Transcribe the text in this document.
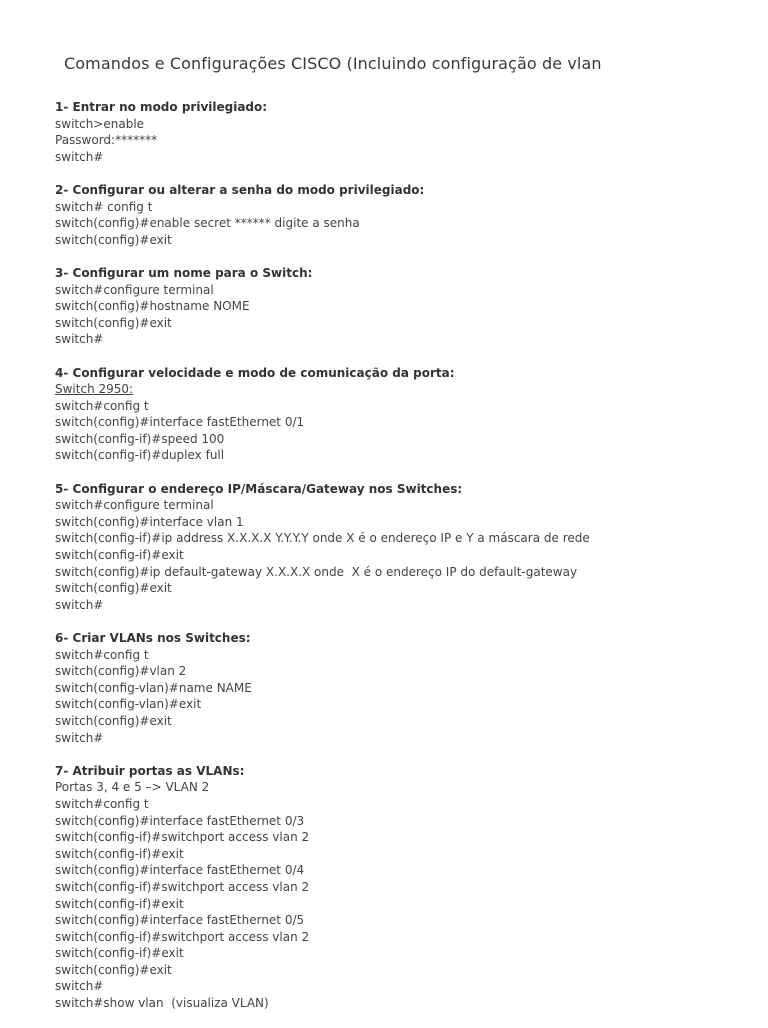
Comandos e Configurações CISCO (Incluindo configuração de vlan
1- Entrar no modo privilegiado:
switch>enable
Password:*******
switch#
2- Configurar ou alterar a senha do modo privilegiado:
switch# config t
switch(config)#enable secret ****** digite a senha
switch(config)#exit
3- Configurar um nome para o Switch:
switch#configure terminal
switch(config)#hostname NOME
switch(config)#exit
switch#
4- Configurar velocidade e modo de comunicação da porta:
Switch 2950:
switch#config t
switch(config)#interface fastEthernet 0/1
switch(config-if)#speed 100
switch(config-if)#duplex full
5- Configurar o endereço IP/Máscara/Gateway nos Switches:
switch#configure terminal
switch(config)#interface vlan 1
switch(config-if)#ip address X.X.X.X Y.Y.Y.Y onde X é o endereço IP e Y a máscara de rede
switch(config-if)#exit
switch(config)#ip default-gateway X.X.X.X onde  X é o endereço IP do default-gateway
switch(config)#exit
switch#
6- Criar VLANs nos Switches:
switch#config t
switch(config)#vlan 2
switch(config-vlan)#name NAME
switch(config-vlan)#exit
switch(config)#exit
switch#
7- Atribuir portas as VLANs:
Portas 3, 4 e 5 –> VLAN 2
switch#config t
switch(config)#interface fastEthernet 0/3
switch(config-if)#switchport access vlan 2
switch(config-if)#exit
switch(config)#interface fastEthernet 0/4
switch(config-if)#switchport access vlan 2
switch(config-if)#exit
switch(config)#interface fastEthernet 0/5
switch(config-if)#switchport access vlan 2
switch(config-if)#exit
switch(config)#exit
switch#
switch#show vlan  (visualiza VLAN)
